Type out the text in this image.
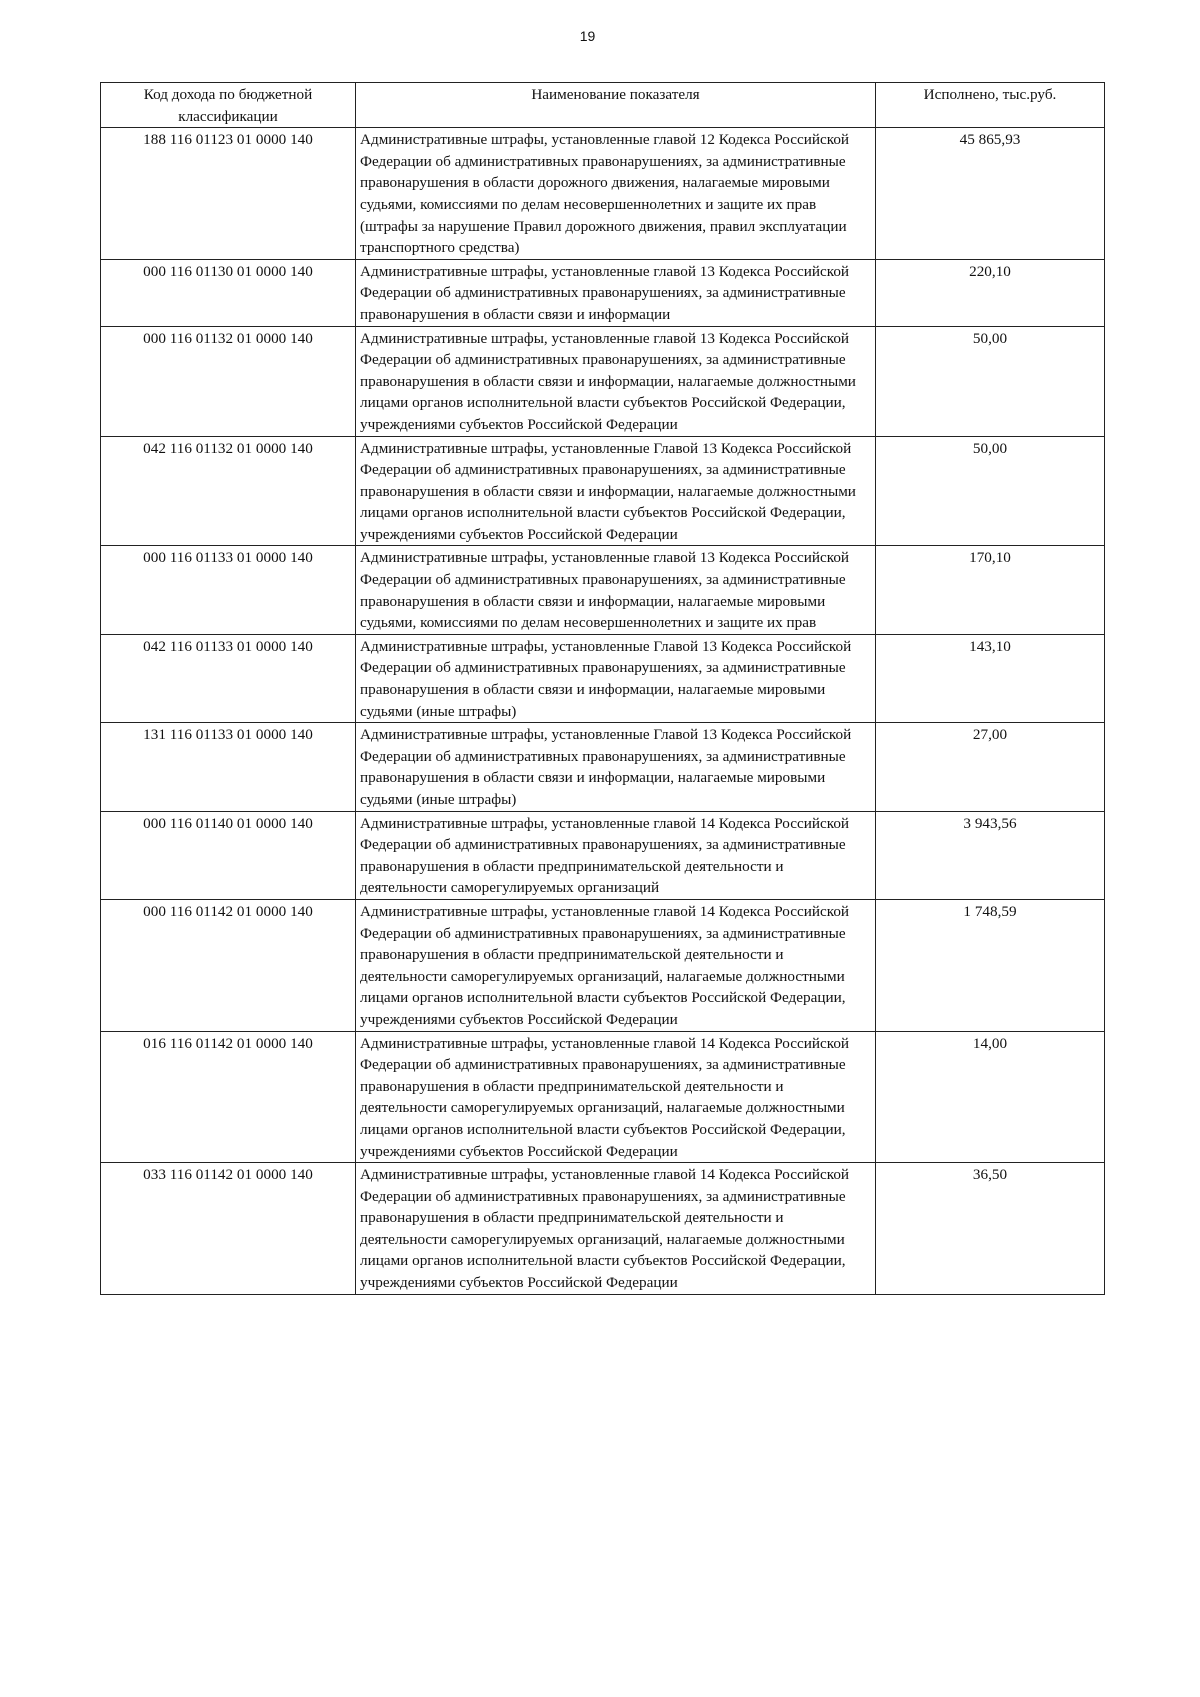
19
Код дохода по бюджетной классификации	Наименование показателя	Исполнено, тыс.руб.
188 116 01123 01 0000 140	Административные штрафы, установленные главой 12 Кодекса Российской Федерации об административных правонарушениях, за административные правонарушения в области дорожного движения, налагаемые мировыми судьями, комиссиями по делам несовершеннолетних и защите их прав (штрафы за нарушение Правил дорожного движения, правил эксплуатации транспортного средства)	45 865,93
000 116 01130 01 0000 140	Административные штрафы, установленные главой 13 Кодекса Российской Федерации об административных правонарушениях, за административные правонарушения в области связи и информации	220,10
000 116 01132 01 0000 140	Административные штрафы, установленные главой 13 Кодекса Российской Федерации об административных правонарушениях, за административные правонарушения в области связи и информации, налагаемые должностными лицами органов исполнительной власти субъектов Российской Федерации, учреждениями субъектов Российской Федерации	50,00
042 116 01132 01 0000 140	Административные штрафы, установленные Главой 13 Кодекса Российской Федерации об административных правонарушениях, за административные правонарушения в области связи и информации, налагаемые должностными лицами органов исполнительной власти субъектов Российской Федерации, учреждениями субъектов Российской Федерации	50,00
000 116 01133 01 0000 140	Административные штрафы, установленные главой 13 Кодекса Российской Федерации об административных правонарушениях, за административные правонарушения в области связи и информации, налагаемые мировыми судьями, комиссиями по делам несовершеннолетних и защите их прав	170,10
042 116 01133 01 0000 140	Административные штрафы, установленные Главой 13 Кодекса Российской Федерации об административных правонарушениях, за административные правонарушения в области связи и информации, налагаемые мировыми судьями (иные штрафы)	143,10
131 116 01133 01 0000 140	Административные штрафы, установленные Главой 13 Кодекса Российской Федерации об административных правонарушениях, за административные правонарушения в области связи и информации, налагаемые мировыми судьями (иные штрафы)	27,00
000 116 01140 01 0000 140	Административные штрафы, установленные главой 14 Кодекса Российской Федерации об административных правонарушениях, за административные правонарушения в области предпринимательской деятельности и деятельности саморегулируемых организаций	3 943,56
000 116 01142 01 0000 140	Административные штрафы, установленные главой 14 Кодекса Российской Федерации об административных правонарушениях, за административные правонарушения в области предпринимательской деятельности и деятельности саморегулируемых организаций, налагаемые должностными лицами органов исполнительной власти субъектов Российской Федерации, учреждениями субъектов Российской Федерации	1 748,59
016 116 01142 01 0000 140	Административные штрафы, установленные главой 14 Кодекса Российской Федерации об административных правонарушениях, за административные правонарушения в области предпринимательской деятельности и деятельности саморегулируемых организаций, налагаемые должностными лицами органов исполнительной власти субъектов Российской Федерации, учреждениями субъектов Российской Федерации	14,00
033 116 01142 01 0000 140	Административные штрафы, установленные главой 14 Кодекса Российской Федерации об административных правонарушениях, за административные правонарушения в области предпринимательской деятельности и деятельности саморегулируемых организаций, налагаемые должностными лицами органов исполнительной власти субъектов Российской Федерации, учреждениями субъектов Российской Федерации	36,50
